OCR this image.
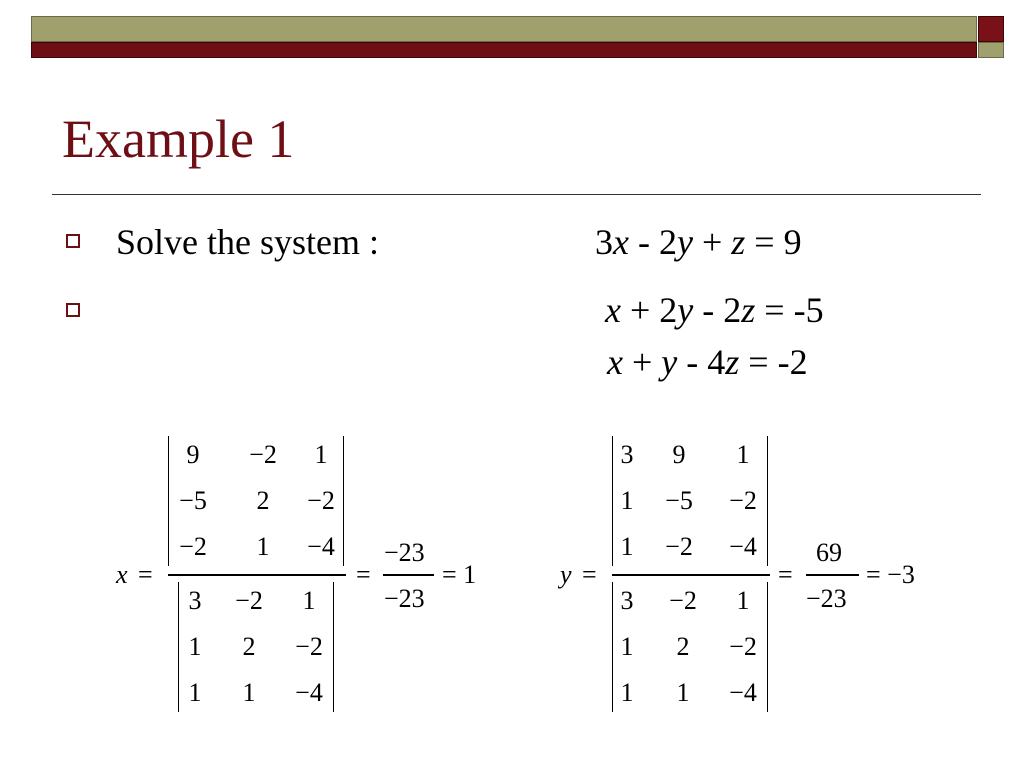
Example 1
Solve the system :	3x - 2y + z = 9
x + 2y - 2z = -5
x + y - 4z = -2
x =
9 −2 1
−5 2 −2
−2 1 −4
3 −2 1
1 2 −2
1 1 −4
=
−23
−23
= 1	y =
3 9 1
1 −5 −2
1 −2 −4
3 −2 1
1 2 −2
1 1 −4
=
69
−23
= −3
